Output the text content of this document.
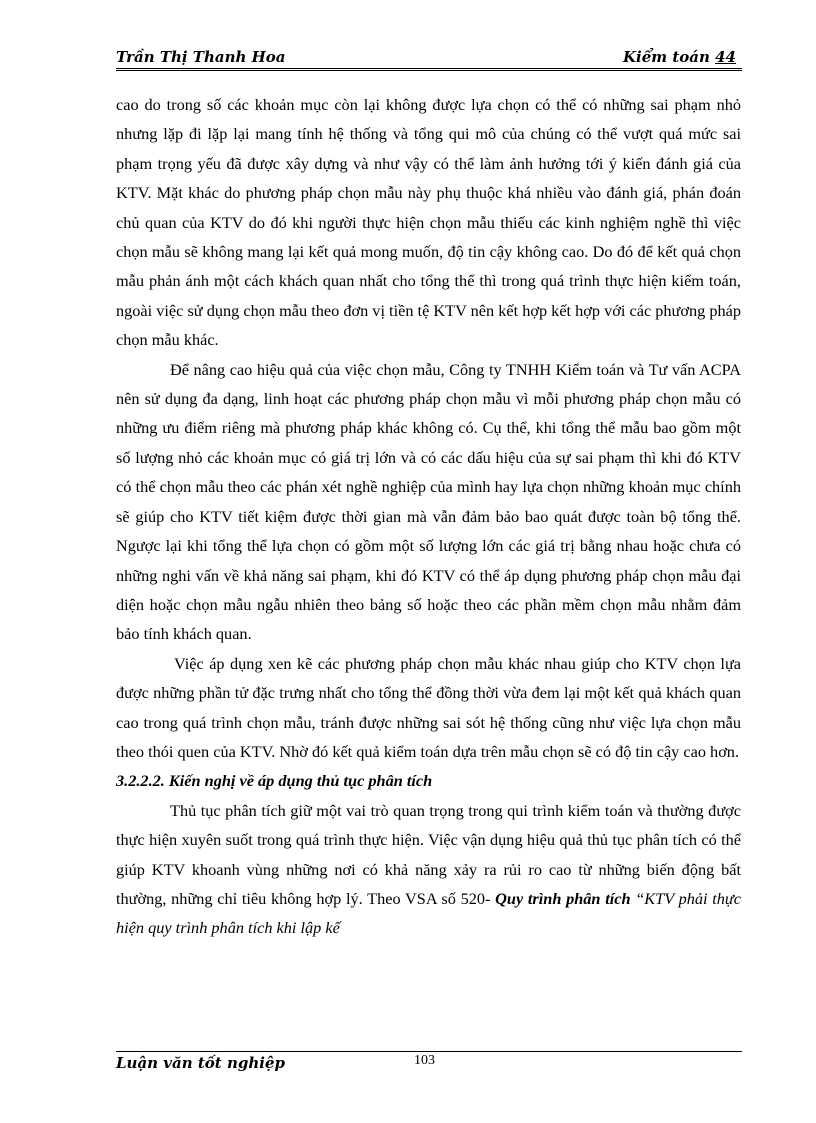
Trần Thị Thanh Hoa	Kiểm toán 44

cao do trong số các khoản mục còn lại không được lựa chọn có thể có những sai phạm nhỏ nhưng lặp đi lặp lại mang tính hệ thống và tổng qui mô của chúng có thể vượt quá mức sai phạm trọng yếu đã được xây dựng và như vậy có thể làm ảnh hưởng tới ý kiến đánh giá của KTV. Mặt khác do phương pháp chọn mẫu này phụ thuộc khá nhiều vào đánh giá, phán đoán chủ quan của KTV do đó khi người thực hiện chọn mẫu thiếu các kinh nghiệm nghề thì việc chọn mẫu sẽ không mang lại kết quả mong muốn, độ tin cậy không cao. Do đó để kết quả chọn mẫu phản ánh một cách khách quan nhất cho tổng thể thì trong quá trình thực hiện kiểm toán, ngoài việc sử dụng chọn mẫu theo đơn vị tiền tệ KTV nên kết hợp kết hợp với các phương pháp chọn mẫu khác.

Để nâng cao hiệu quả của việc chọn mẫu, Công ty TNHH Kiểm toán và Tư vấn ACPA nên sử dụng đa dạng, linh hoạt các phương pháp chọn mẫu vì mỗi phương pháp chọn mẫu có những ưu điểm riêng mà phương pháp khác không có. Cụ thể, khi tổng thể mẫu bao gồm một số lượng nhỏ các khoản mục có giá trị lớn và có các dấu hiệu của sự sai phạm thì khi đó KTV có thể chọn mẫu theo các phán xét nghề nghiệp của mình hay lựa chọn những khoản mục chính sẽ giúp cho KTV tiết kiệm được thời gian mà vẫn đảm bảo bao quát được toàn bộ tổng thể. Ngược lại khi tổng thể lựa chọn có gồm một số lượng lớn các giá trị bằng nhau hoặc chưa có những nghi vấn về khả năng sai phạm, khi đó KTV có thể áp dụng phương pháp chọn mẫu đại diện hoặc chọn mẫu ngẫu nhiên theo bảng số hoặc theo các phần mềm chọn mẫu nhằm đảm bảo tính khách quan.

Việc áp dụng xen kẽ các phương pháp chọn mẫu khác nhau giúp cho KTV chọn lựa được những phần tử đặc trưng nhất cho tổng thể đồng thời vừa đem lại một kết quả khách quan cao trong quá trình chọn mẫu, tránh được những sai sót hệ thống cũng như việc lựa chọn mẫu theo thói quen của KTV. Nhờ đó kết quả kiểm toán dựa trên mẫu chọn sẽ có độ tin cậy cao hơn.

3.2.2.2. Kiến nghị về áp dụng thủ tục phân tích

Thủ tục phân tích giữ một vai trò quan trọng trong qui trình kiểm toán và thường được thực hiện xuyên suốt trong quá trình thực hiện. Việc vận dụng hiệu quả thủ tục phân tích có thể giúp KTV khoanh vùng những nơi có khả năng xảy ra rủi ro cao từ những biến động bất thường, những chỉ tiêu không hợp lý. Theo VSA số 520- Quy trình phân tích “KTV phải thực hiện quy trình phân tích khi lập kế

Luận văn tốt nghiệp	103
